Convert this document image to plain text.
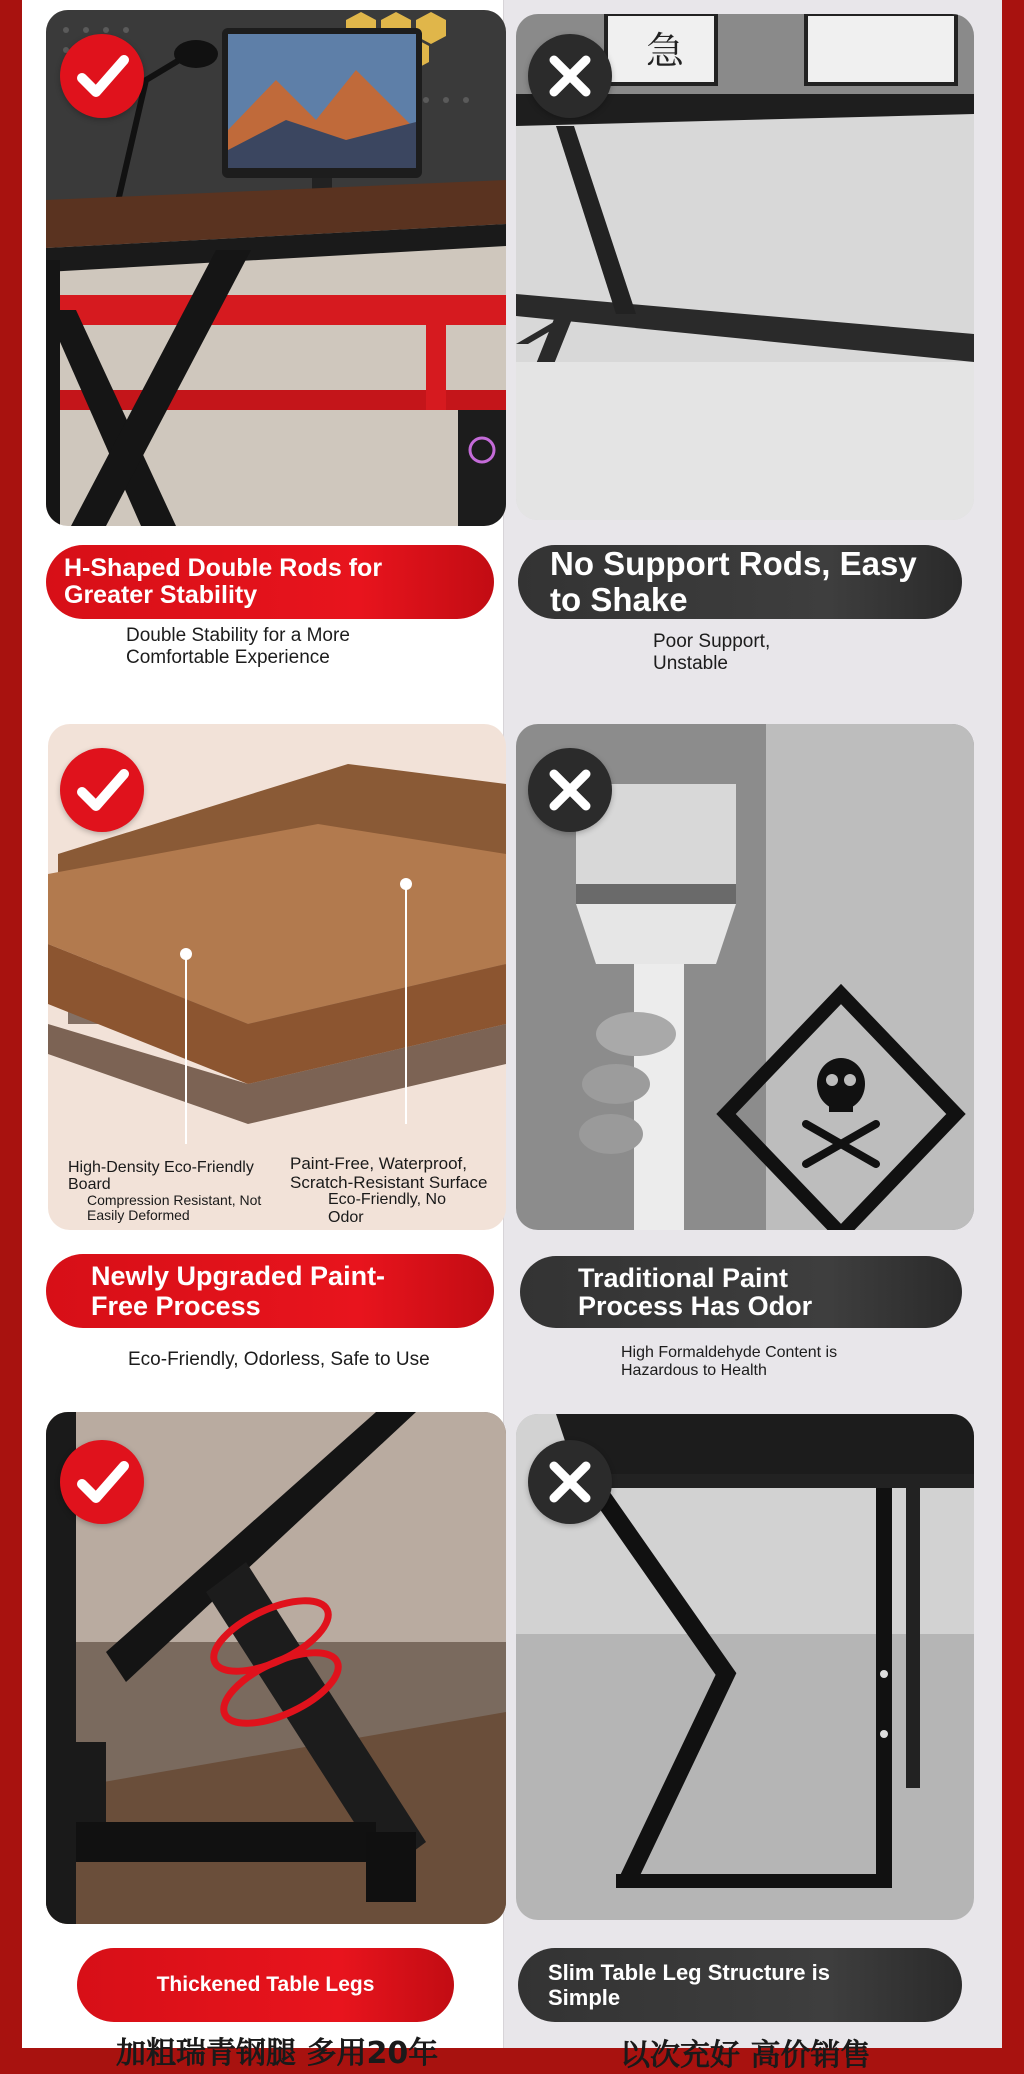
H-Shaped Double Rods for Greater Stability
Double Stability for a More Comfortable Experience
急
No Support Rods, Easy to Shake
Poor Support, Unstable
High-Density Eco-Friendly Board
Compression Resistant, Not Easily Deformed
Paint-Free, Waterproof, Scratch-Resistant Surface
Eco-Friendly, No Odor
Newly Upgraded Paint-Free Process
Eco-Friendly, Odorless, Safe to Use
Traditional Paint Process Has Odor
High Formaldehyde Content is Hazardous to Health
Thickened Table Legs
加粗瑞青钢腿 多用20年
Slim Table Leg Structure is Simple
以次充好 高价销售
